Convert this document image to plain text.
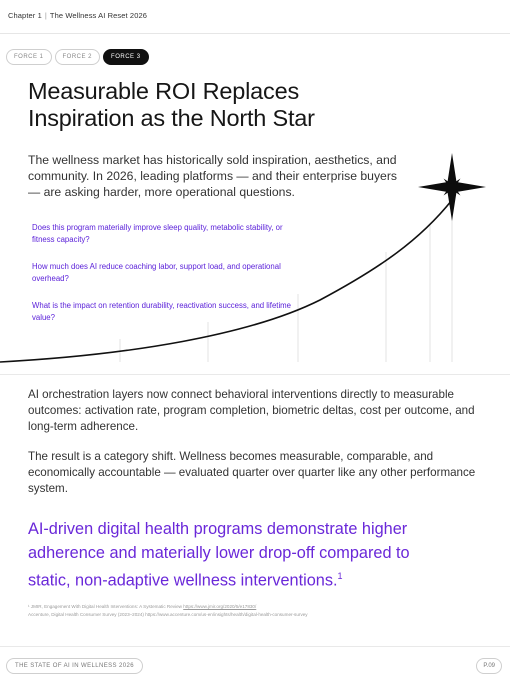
Chapter 1 | The Wellness AI Reset 2026
FORCE 1	FORCE 2	FORCE 3
Measurable ROI Replaces
Inspiration as the North Star

The wellness market has historically sold inspiration, aesthetics, and community. In 2026, leading platforms — and their enterprise buyers — are asking harder, more operational questions.

Does this program materially improve sleep quality, metabolic stability, or fitness capacity?

How much does AI reduce coaching labor, support load, and operational overhead?

What is the impact on retention durability, reactivation success, and lifetime value?

AI orchestration layers now connect behavioral interventions directly to measurable outcomes: activation rate, program completion, biometric deltas, cost per outcome, and long-term adherence.

The result is a category shift. Wellness becomes measurable, comparable, and economically accountable — evaluated quarter over quarter like any other performance system.

AI-driven digital health programs demonstrate higher adherence and materially lower drop-off compared to static, non-adaptive wellness interventions.$^1$

¹ JMIR, Engagement With Digital Health Interventions: A Systematic Review https://www.jmir.org/2020/5/e17830/
Accenture, Digital Health Consumer Survey (2023–2024) https://www.accenture.com/us-en/insights/health/digital-health-consumer-survey
THE STATE OF AI IN WELLNESS 2026	P.09
